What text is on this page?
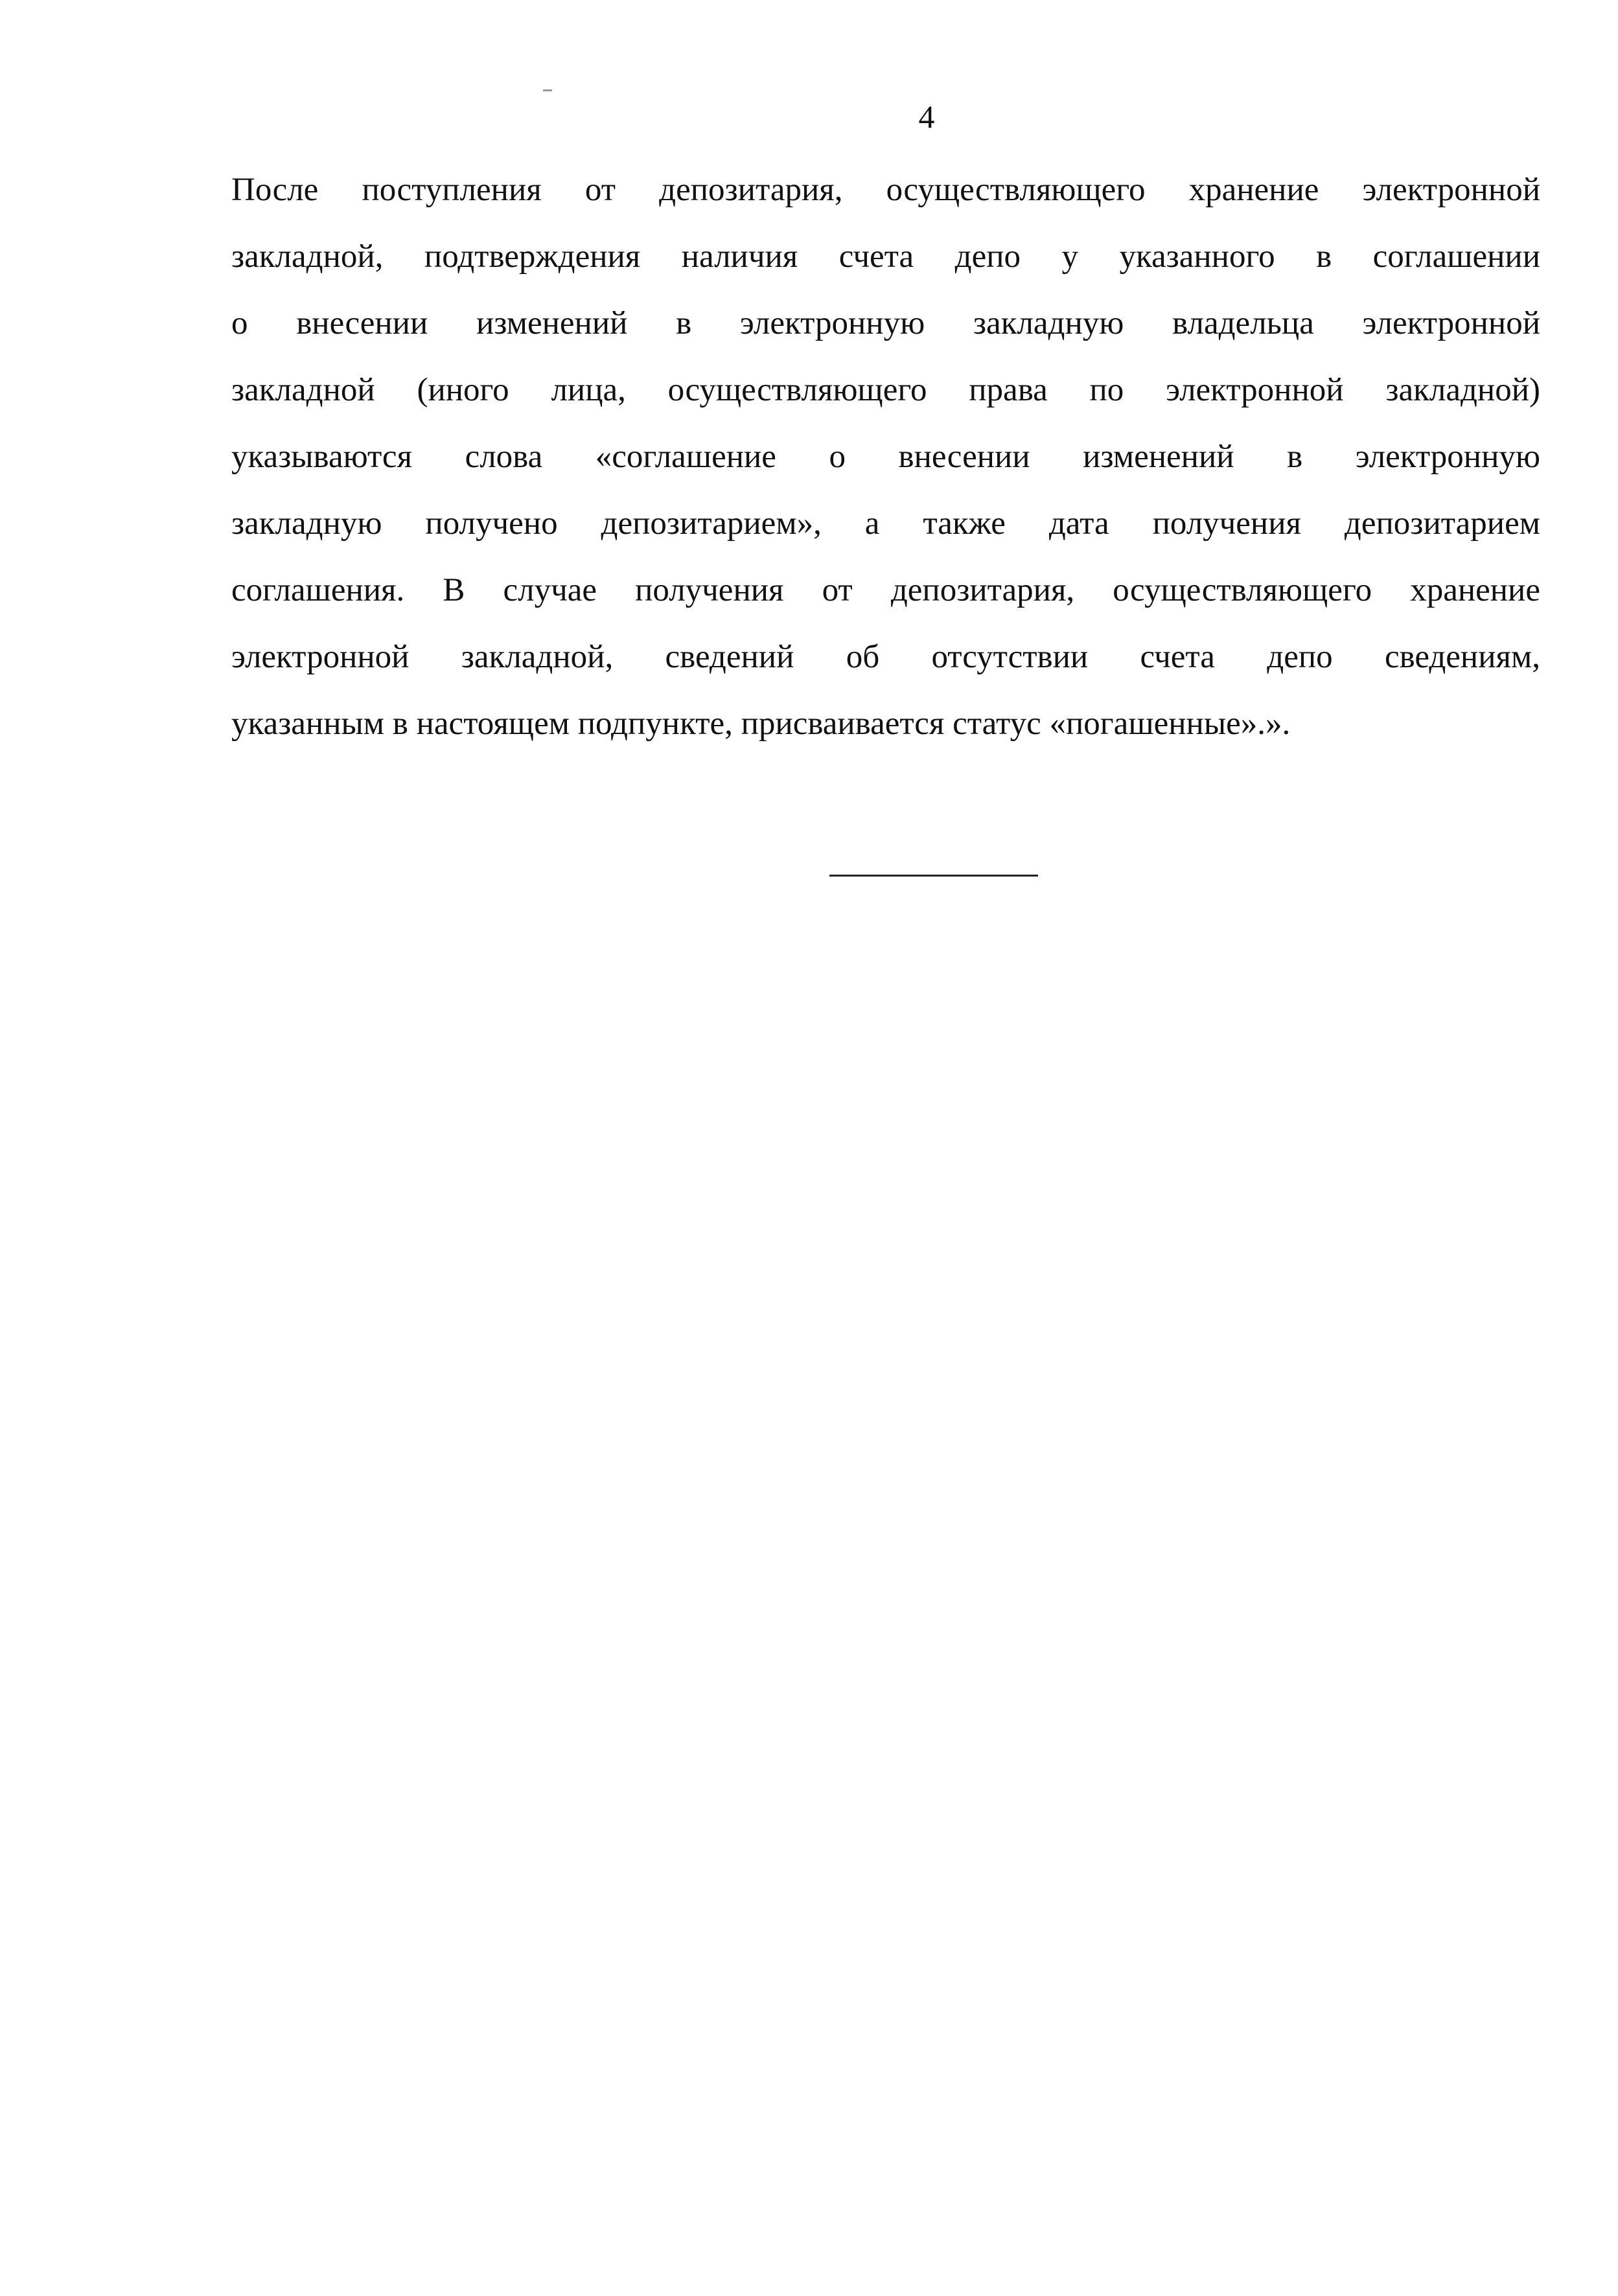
4
После поступления от депозитария, осуществляющего хранение электронной
закладной, подтверждения наличия счета депо у указанного в соглашении
о внесении изменений в электронную закладную владельца электронной
закладной (иного лица, осуществляющего права по электронной закладной)
указываются слова «соглашение о внесении изменений в электронную
закладную получено депозитарием», а также дата получения депозитарием
соглашения. В случае получения от депозитария, осуществляющего хранение
электронной закладной, сведений об отсутствии счета депо сведениям,
указанным в настоящем подпункте, присваивается статус «погашенные».».
